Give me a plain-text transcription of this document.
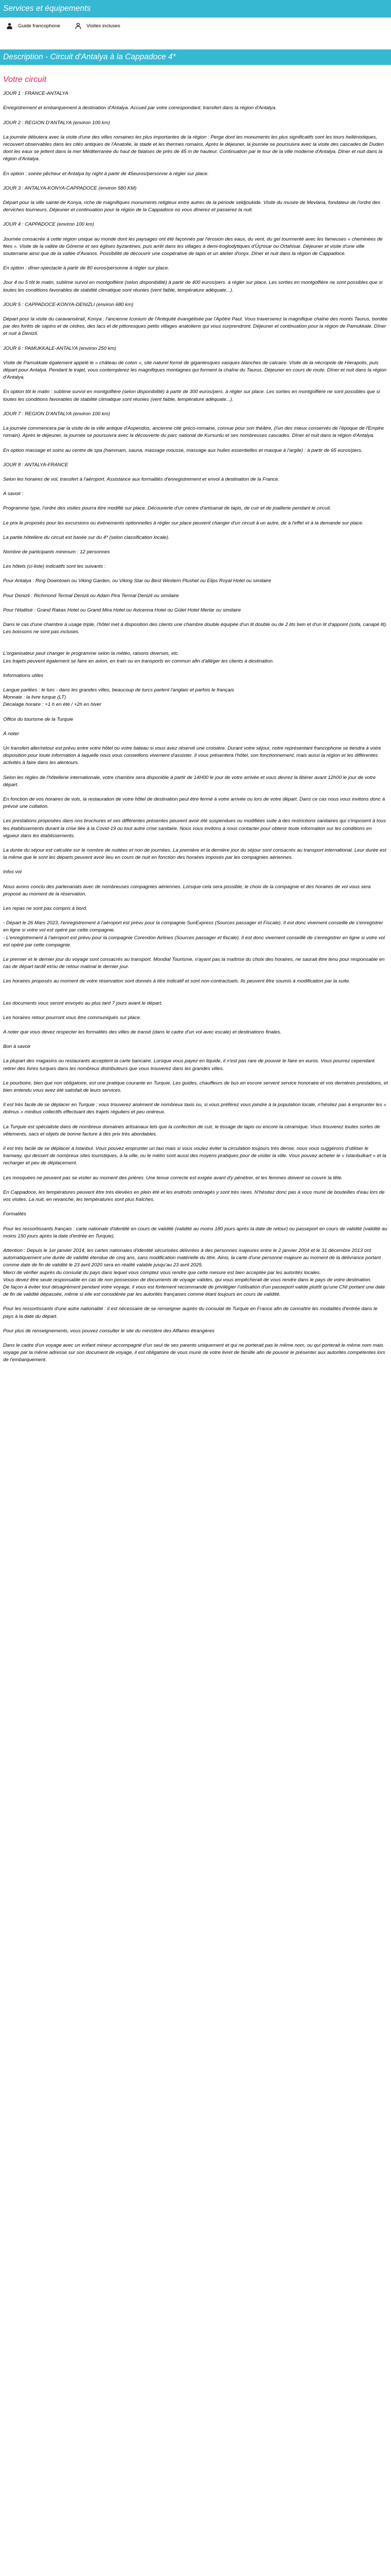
Services et équipements
Guide francophone	Visites incluses
Description - Circuit d'Antalya à la Cappadoce 4*
Votre circuit
JOUR 1 : FRANCE-ANTALYA
Enregistrement et embarquement à destination d'Antalya. Accueil par votre correspondant, transfert dans la région d'Antalya.
JOUR 2 : REGION D'ANTALYA (environ 100 km)
La journée débutera avec la visite d'une des villes romaines les plus importantes de la région : Perge dont les monuments les plus significatifs sont les tours hellénistiques, recouvert observables dans les cités antiques de l'Anatolie, le stade et les thermes romains. Après le déjeuner, la journée se poursuivra avec la visite des cascades de Duden dont les eaux se jettent dans la mer Méditerranée du haut de falaises de près de 45 m de hauteur. Continuation par le tour de la ville moderne d'Antalya. Dîner et nuit dans la région d'Antalya.
En option : soirée pêcheur et Antalya by night à partir de 45euros/personne à régler sur place.
JOUR 3 : ANTALYA-KONYA-CAPPADOCE (environ 580 KM)
Départ pour la ville sainte de Konya, riche de magnifiques monuments religieux entre autres de la période seldjoukide. Visite du musée de Mevlana, fondateur de l'ordre des derviches tourneurs. Déjeuner et continuation pour la région de la Cappadoce où vous dînerez et passerez la nuit.
JOUR 4 : CAPPADOCE (environ 100 km)
Journée consacrée à cette région unique au monde dont les paysages ont été façonnés par l'érosion des eaux, du vent, du gel tourmenté avec les fameuses « cheminées de fées ». Visite de la vallée de Göreme et ses églises byzantines, puis arrêt dans les villages à demi-troglodytiques d'Üçhisar ou Ortahisar. Déjeuner et visite d'une ville souterraine ainsi que de la vallée d'Avanos. Possibilité de découvrir une coopérative de tapis et un atelier d'onyx. Dîner et nuit dans la région de Cappadoce.
En option : dîner-spectacle à partir de 80 euros/personne à régler sur place.
Jour 4 ou 5 tôt le matin, sublime survol en montgolfière (selon disponibilité) à partir de 400 euros/pers. à régler sur place. Les sorties en montgolfière ne sont possibles que si toutes les conditions favorables de stabilité climatique sont réunies (vent faible, température adéquate...).
JOUR 5 : CAPPADOCE-KONYA-DENIZLI (environ 680 km)
Départ pour la visite du caravansérail, Konya : l'ancienne Iconium de l'Antiquité évangélisée par l'Apôtre Paul. Vous traverserez la magnifique chaîne des monts Taurus, bordée par des forêts de sapins et de cèdres, des lacs et de pittoresques petits villages anatoliens qui vous surprendront. Déjeuner et continuation pour la région de Pamukkale. Dîner et nuit à Denizli.
JOUR 6 : PAMUKKALE-ANTALYA (environ 250 km)
Visite de Pamukkale également appelé le « château de coton », site naturel formé de gigantesques vasques blanches de calcaire. Visite de la nécropole de Hierapolis, puis départ pour Antalya. Pendant le trajet, vous contemplerez les magnifiques montagnes qui forment la chaîne du Taurus. Déjeuner en cours de route. Dîner et nuit dans la région d'Antalya.
En option tôt le matin : sublime survol en montgolfière (selon disponibilité) à partir de 300 euros/pers. à régler sur place. Les sorties en montgolfière ne sont possibles que si toutes les conditions favorables de stabilité climatique sont réunies (vent faible, température adéquate...).
JOUR 7 : REGION D'ANTALYA (environ 100 km)
La journée commencera par la visite de la ville antique d'Aspendos, ancienne cité gréco-romaine, connue pour son théâtre, (l'un des mieux conservés de l'époque de l'Empire romain). Après le déjeuner, la journée se poursuivra avec la découverte du parc national de Kursunlu et ses nombreuses cascades. Dîner et nuit dans la région d'Antalya.
En option massage et soins au centre de spa (hammam, sauna, massage mousse, massage aux huiles essentielles et masque à l'argile) : à partir de 65 euros/pers.
JOUR 8 : ANTALYA-FRANCE
Selon les horaires de vol, transfert à l'aéroport. Assistance aux formalités d'enregistrement et envol à destination de la France.
A savoir :
Programme type, l'ordre des visites pourra être modifié sur place. Découverte d'un centre d'artisanat de tapis, de cuir et de joaillerie pendant le circuit.
Le prix le proposés pour les excursions ou événements optionnelles à régler sur place peuvent changer d'un circuit à un autre, de à l'effet et à la demande sur place.
La partie hôtelière du circuit est basée sur du 4* (selon classification locale).
Nombre de participants minimum : 12 personnes
Les hôtels (ci-liste) indicatifs sont les suivants :
Pour Antalya : Ring Downtown ou Viking Garden, ou Viking Star ou Best Western Plushet ou Elips Royal Hotel ou similaire
Pour Denizli : Richmond Termal Denizli ou Adam Pira Termal Denizli ou similaire
Pour l'étatlisé : Grand Rakas Hotel ou Grand Mira Hotel ou Avicenna Hotel ou Gület Hotel Merlar ou similaire
Dans le cas d'une chambre à usage triple, l'hôtel met à disposition des clients une chambre double équipée d'un lit double ou de 2 lits twin et d'un lit d'appoint (sofa, canapé lit). Les boissons ne sont pas incluses.
L'organisateur peut changer le programme selon la météo, raisons diverses, etc.
Les trajets peuvent également se faire en avion, en train ou en transports en commun afin d'alléger les clients à destination.
Informations utiles
Langue parlées : le turc - dans les grandes villes, beaucoup de turcs parlent l'anglais et parfois le français
Monnaie : la livre turque (LT)
Décalage horaire : +1 h en été / +2h en hiver
Office du tourisme de la Turquie
À noter
Un transfert aller/retour est prévu entre votre hôtel ou votre bateau si vous avez réservé une croisière. Durant votre séjour, notre représentant francophone se tiendra à votre disposition pour toute information à laquelle nous vous conseillons vivement d'assister. Il vous présentera l'hôtel, son fonctionnement, mais aussi la région et les différentes activités à faire dans les alentours.
Selon les règles de l'hôtellerie internationale, votre chambre sera disponible à partir de 14H00 le jour de votre arrivée et vous devrez la libérer avant 12h00 le jour de votre départ.
En fonction de vos horaires de vols, la restauration de votre hôtel de destination peut être fermé à votre arrivée ou lors de votre départ. Dans ce cas nous vous invitons donc à prévoir une collation.
Les prestations proposées dans nos brochures et ses différentes présentes peuvent avoir été suspendues ou modifiées suite à des restrictions sanitaires qui s'imposent à tous les établissements durant la crise liée à la Covid-19 ou tout autre crise sanitaire. Nous vous invitons à nous contacter pour obtenir toute information sur les conditions en vigueur dans les établissements.
La durée du séjour est calculée sur le nombre de nuitées et non de journées. La première et la dernière jour du séjour sont consacrés au transport international. Leur durée est la même que le sont les départs peuvent avoir lieu en cours de nuit en fonction des horaires imposés par les compagnies aériennes.
Infos vol
Nous avons conclu des partenariats avec de nombreuses compagnies aériennes. Lorsque cela sera possible, le choix de la compagnie et des horaires de vol vous sera proposé au moment de la réservation.
Les repas ne sont pas compris à bord.
- Départ le 26 Mars 2023, l'enregistrement à l'aéroport est prévu pour la compagnie SunExpress (Sources passager et Fiscale). Il est donc vivement conseillé de s'enregistrer en ligne si votre vol est opéré par cette compagnie.
- L'enregistrement à l'aéroport est prévu pour la compagnie Corendon Airlines (Sources passager et fiscale). Il est donc vivement conseillé de s'enregistrer en ligne si votre vol est opéré par cette compagnie.
Le premier et le dernier jour du voyage sont consacrés au transport. Mondial Tourisme, n'ayant pas la maîtrise du choix des horaires, ne saurait être tenu pour responsable en cas de départ tardif et/ou de retour matinal le dernier jour.
Les horaires proposés au moment de votre réservation sont donnés à titre indicatif et sont non-contractuels. Ils peuvent être soumis à modification par la suite.
Les documents vous seront envoyés au plus tard 7 jours avant le départ.
Les horaires retour pourront vous être communiqués sur place.
A noter que vous devez respecter les formalités des villes de transit (dans le cadre d'un vol avec escale) et destinations finales.
Bon à savoir
La plupart des magasins ou restaurants acceptent la carte bancaire. Lorsque vous payez en liquide, il n'est pas rare de pouvoir le faire en euros. Vous pourrez cependant retirer des livres turques dans les nombreux distributeurs que vous trouverez dans les grandes villes.
Le pourboire, bien que non obligatoire, est une pratique courante en Turquie. Les guides, chauffeurs de bus en escore servent service honoraire et vos dernières prestations, et bien entendu vous avez été satisfait de leurs services.
Il est très facile de se déplacer en Turquie ; vous trouverez aisément de nombreux taxis ou, si vous préférez vous joindre à la population locale, n'hésitez pas à emprunter les « dolmus » minibus collectifs effectuant des trajets réguliers et peu onéreux.
La Turquie est spécialiste dans de nombreux domaines artisanaux tels que la confection de cuir, le tissage de tapis ou encore la céramique. Vous trouverez toutes sortes de vêtements, sacs et objets de bonne facture à des prix très abordables.
Il est très facile de se déplacer à Istanbul. Vous pouvez emprunter un taxi mais si vous voulez éviter la circulation toujours très dense, nous vous suggérons d'utiliser le tramway, qui dessert de nombreux sites touristiques, à la ville, ou le métro sont aussi des moyens pratiques pour de visiter la ville. Vous pouvez acheter le « Istanbulkart » et la recharger et peu de déplacement.
Les mosquées ne peuvent pas se visiter au moment des prières. Une tenue correcte est exigée avant d'y pénétrer, et les femmes doivent se couvrir la tête.
En Cappadoce, les températures peuvent être très élevées en plein été et les endroits ombragés y sont très rares. N'hésitez donc pas à vous munir de bouteilles d'eau lors de vos visites. La nuit, en revanche, les températures sont plus fraîches.
Formalités
Pour les ressortissants français : carte nationale d'identité en cours de validité (validité au moins 180 jours après la date de retour) ou passeport en cours de validité (validité au moins 150 jours après la date d'entrée en Turquie).
Attention : Depuis le 1er janvier 2014, les cartes nationales d'identité sécurisées délivrées à des personnes majeures entre le 2 janvier 2004 et le 31 décembre 2013 ont automatiquement une durée de validité étendue de cinq ans, sans modification matérielle du titre. Ainsi, la carte d'une personne majeure au moment de la délivrance portant comme date de fin de validité le 23 avril 2020 sera en réalité valable jusqu'au 23 avril 2025.
Merci de vérifier auprès du consulat du pays dans lequel vous comptez vous rendre que cette mesure est bien acceptée par les autorités locales.
Vous devez être seule responsable en cas de non possession de documents de voyage valides, qui vous empêcherait de vous rendre dans le pays de votre destination.
De façon à éviter tout désagrément pendant votre voyage, il vous est fortement recommandé de privilégier l'utilisation d'un passeport valide plutôt qu'une CNI portant une date de fin de validité dépassée, même si elle est considérée par les autorités françaises comme étant toujours en cours de validité.
Pour les ressortissants d'une autre nationalité : il est nécessaire de se renseigner auprès du consulat de Turquie en France afin de connaître les modalités d'entrée dans le pays à la date du départ.
Pour plus de renseignements, vous pouvez consulter le site du ministère des Affaires étrangères
Dans le cadre d'un voyage avec un enfant mineur accompagné d'un seul de ses parents uniquement et qui ne porterait pas le même nom, ou qui porterait le même nom mais voyage par la même adresse sur son document de voyage, il est obligatoire de vous munir de votre livret de famille afin de pouvoir le présenter aux autorités compétentes lors de l'embarquement.
